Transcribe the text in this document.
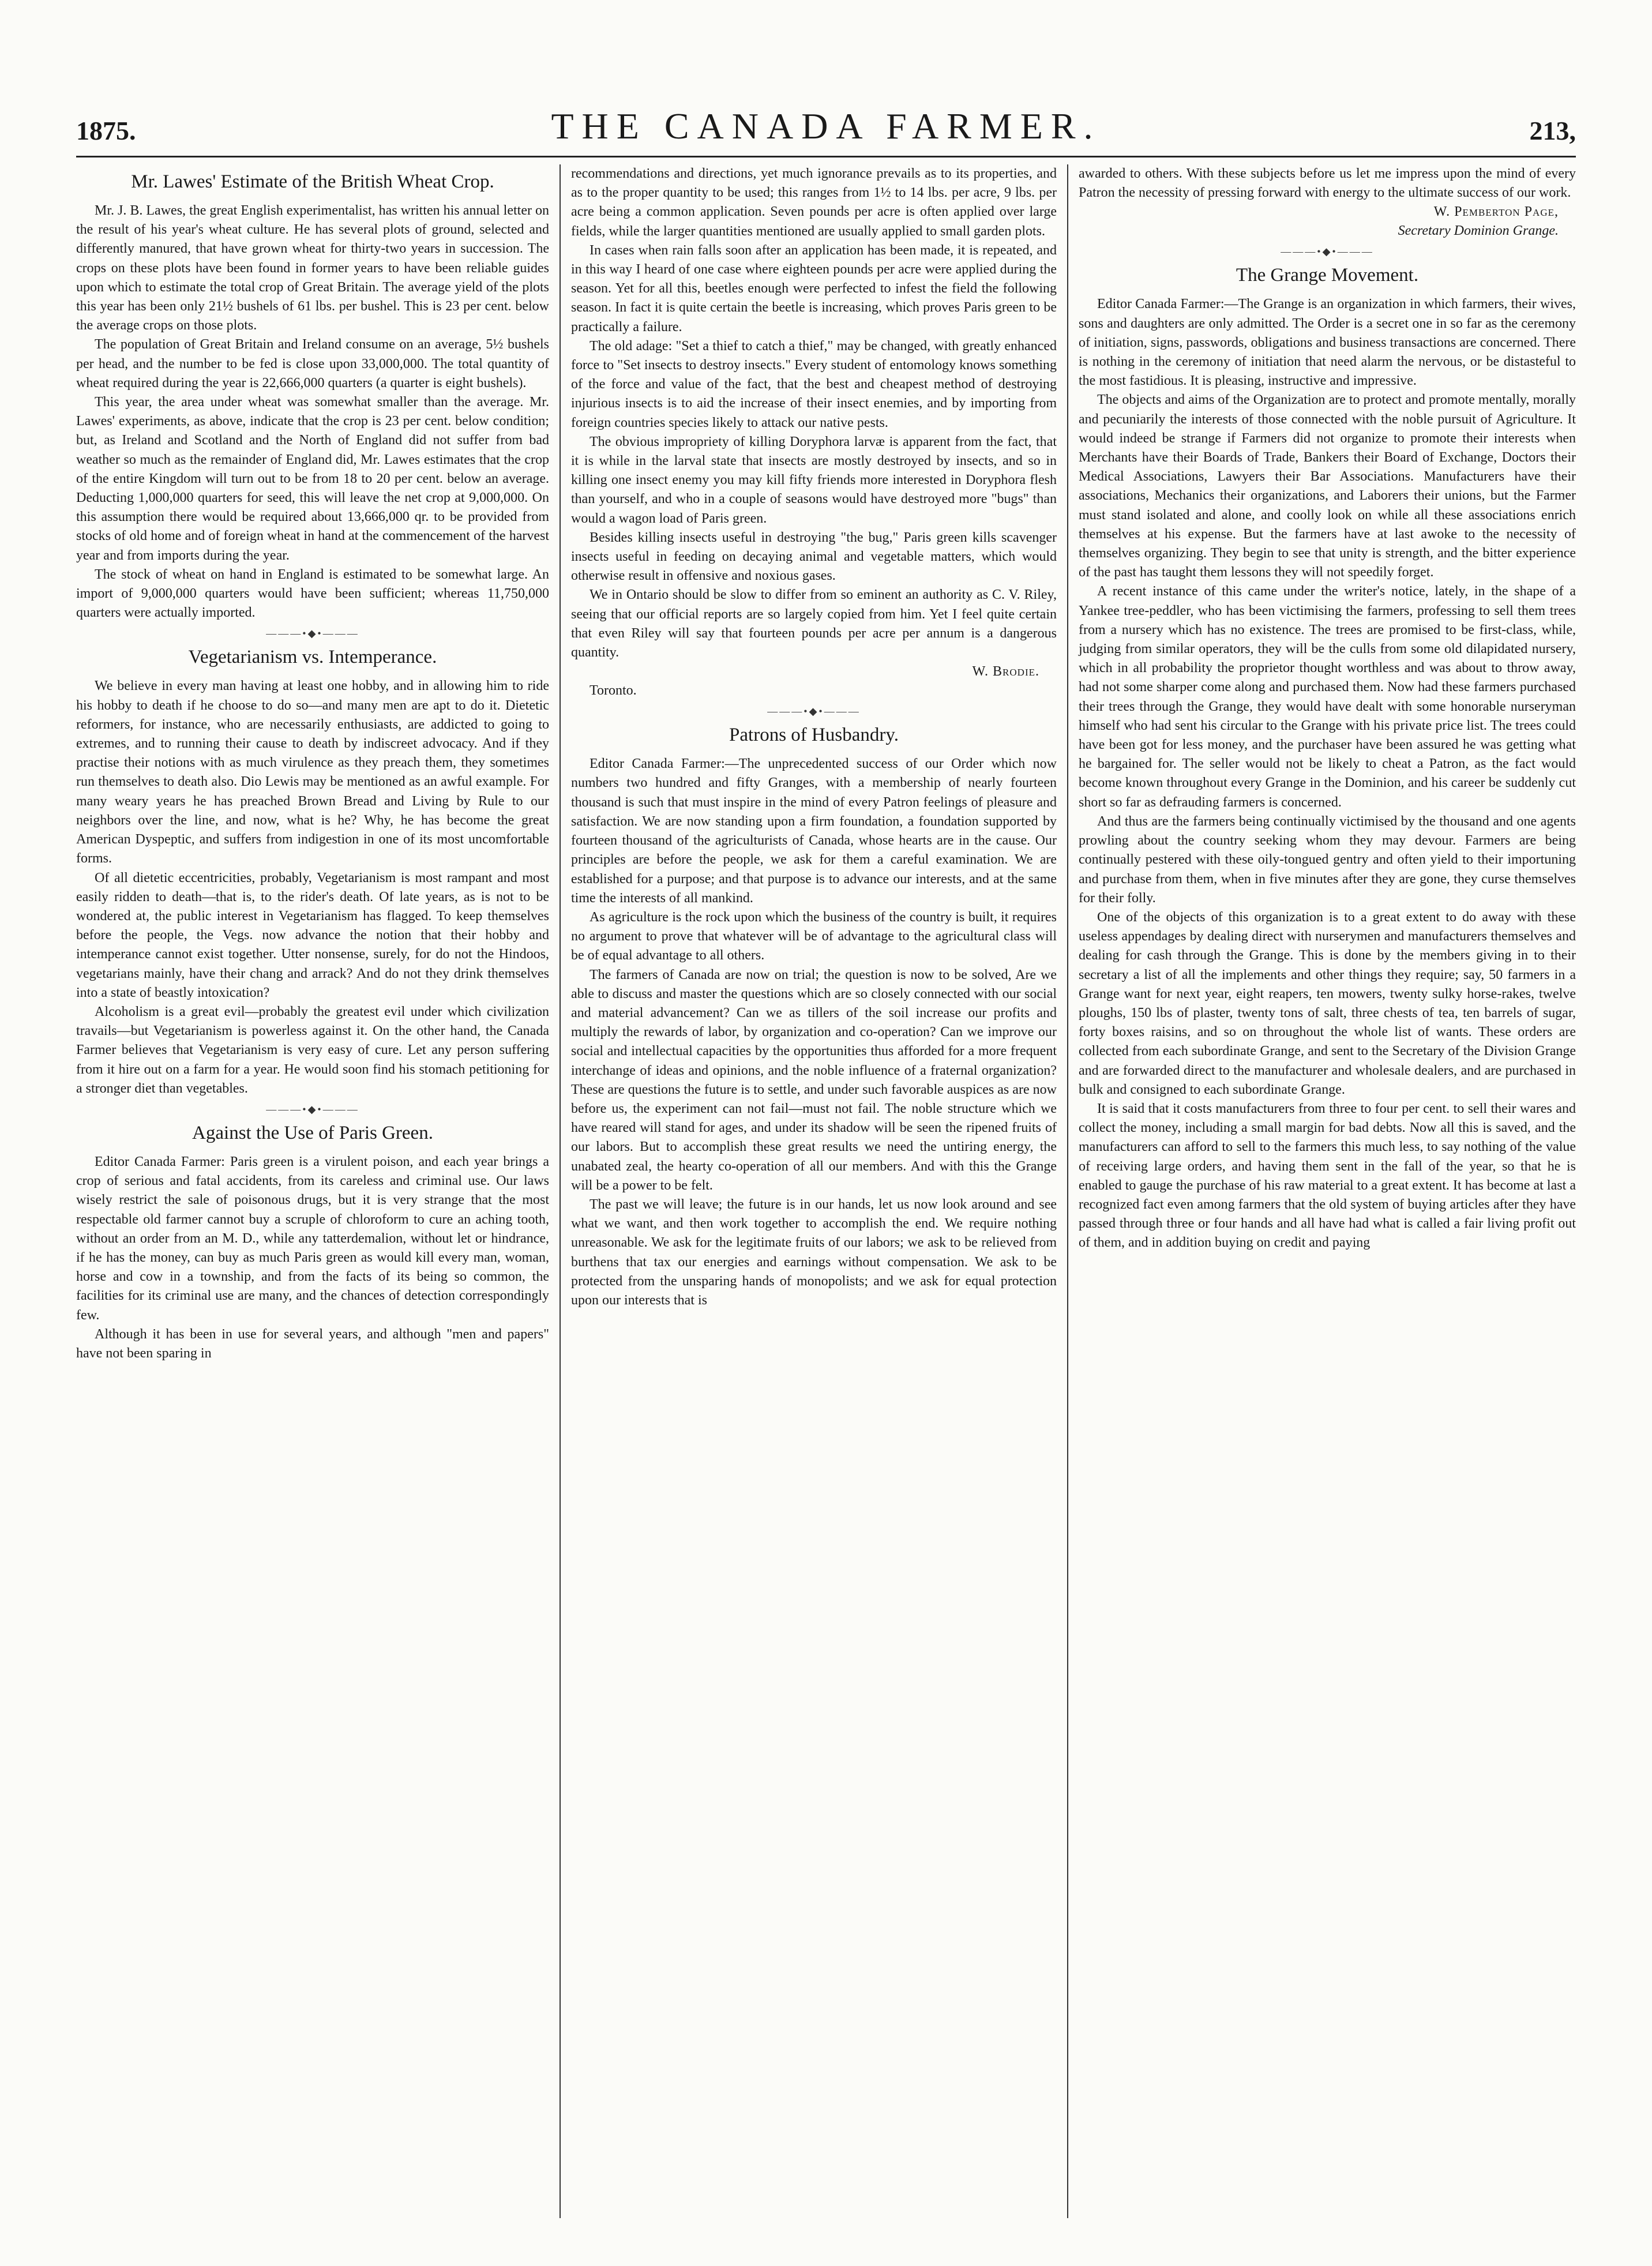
1875.	THE CANADA FARMER.	213,
Mr. Lawes' Estimate of the British Wheat Crop.

Mr. J. B. Lawes, the great English experimentalist, has written his annual letter on the result of his year's wheat culture. He has several plots of ground, selected and differently manured, that have grown wheat for thirty-two years in succession. The crops on these plots have been found in former years to have been reliable guides upon which to estimate the total crop of Great Britain. The average yield of the plots this year has been only 21½ bushels of 61 lbs. per bushel. This is 23 per cent. below the average crops on those plots.

The population of Great Britain and Ireland consume on an average, 5½ bushels per head, and the number to be fed is close upon 33,000,000. The total quantity of wheat required during the year is 22,666,000 quarters (a quarter is eight bushels).

This year, the area under wheat was somewhat smaller than the average. Mr. Lawes' experiments, as above, indicate that the crop is 23 per cent. below condition; but, as Ireland and Scotland and the North of England did not suffer from bad weather so much as the remainder of England did, Mr. Lawes estimates that the crop of the entire Kingdom will turn out to be from 18 to 20 per cent. below an average. Deducting 1,000,000 quarters for seed, this will leave the net crop at 9,000,000. On this assumption there would be required about 13,666,000 qr. to be provided from stocks of old home and of foreign wheat in hand at the commencement of the harvest year and from imports during the year.

The stock of wheat on hand in England is estimated to be somewhat large. An import of 9,000,000 quarters would have been sufficient; whereas 11,750,000 quarters were actually imported.

———•◆•———
Vegetarianism vs. Intemperance.

We believe in every man having at least one hobby, and in allowing him to ride his hobby to death if he choose to do so—and many men are apt to do it. Dietetic reformers, for instance, who are necessarily enthusiasts, are addicted to going to extremes, and to running their cause to death by indiscreet advocacy. And if they practise their notions with as much virulence as they preach them, they sometimes run themselves to death also. Dio Lewis may be mentioned as an awful example. For many weary years he has preached Brown Bread and Living by Rule to our neighbors over the line, and now, what is he? Why, he has become the great American Dyspeptic, and suffers from indigestion in one of its most uncomfortable forms.

Of all dietetic eccentricities, probably, Vegetarianism is most rampant and most easily ridden to death—that is, to the rider's death. Of late years, as is not to be wondered at, the public interest in Vegetarianism has flagged. To keep themselves before the people, the Vegs. now advance the notion that their hobby and intemperance cannot exist together. Utter nonsense, surely, for do not the Hindoos, vegetarians mainly, have their chang and arrack? And do not they drink themselves into a state of beastly intoxication?

Alcoholism is a great evil—probably the greatest evil under which civilization travails—but Vegetarianism is powerless against it. On the other hand, the Canada Farmer believes that Vegetarianism is very easy of cure. Let any person suffering from it hire out on a farm for a year. He would soon find his stomach petitioning for a stronger diet than vegetables.

———•◆•———
Against the Use of Paris Green.

Editor Canada Farmer: Paris green is a virulent poison, and each year brings a crop of serious and fatal accidents, from its careless and criminal use. Our laws wisely restrict the sale of poisonous drugs, but it is very strange that the most respectable old farmer cannot buy a scruple of chloroform to cure an aching tooth, without an order from an M. D., while any tatterdemalion, without let or hindrance, if he has the money, can buy as much Paris green as would kill every man, woman, horse and cow in a township, and from the facts of its being so common, the facilities for its criminal use are many, and the chances of detection correspondingly few.

Although it has been in use for several years, and although "men and papers" have not been sparing in

recommendations and directions, yet much ignorance prevails as to its properties, and as to the proper quantity to be used; this ranges from 1½ to 14 lbs. per acre, 9 lbs. per acre being a common application. Seven pounds per acre is often applied over large fields, while the larger quantities mentioned are usually applied to small garden plots.

In cases when rain falls soon after an application has been made, it is repeated, and in this way I heard of one case where eighteen pounds per acre were applied during the season. Yet for all this, beetles enough were perfected to infest the field the following season. In fact it is quite certain the beetle is increasing, which proves Paris green to be practically a failure.

The old adage: "Set a thief to catch a thief," may be changed, with greatly enhanced force to "Set insects to destroy insects." Every student of entomology knows something of the force and value of the fact, that the best and cheapest method of destroying injurious insects is to aid the increase of their insect enemies, and by importing from foreign countries species likely to attack our native pests.

The obvious impropriety of killing Doryphora larvæ is apparent from the fact, that it is while in the larval state that insects are mostly destroyed by insects, and so in killing one insect enemy you may kill fifty friends more interested in Doryphora flesh than yourself, and who in a couple of seasons would have destroyed more "bugs" than would a wagon load of Paris green.

Besides killing insects useful in destroying "the bug," Paris green kills scavenger insects useful in feeding on decaying animal and vegetable matters, which would otherwise result in offensive and noxious gases.

We in Ontario should be slow to differ from so eminent an authority as C. V. Riley, seeing that our official reports are so largely copied from him. Yet I feel quite certain that even Riley will say that fourteen pounds per acre per annum is a dangerous quantity.

W. Brodie.
Toronto.
———•◆•———
Patrons of Husbandry.

Editor Canada Farmer:—The unprecedented success of our Order which now numbers two hundred and fifty Granges, with a membership of nearly fourteen thousand is such that must inspire in the mind of every Patron feelings of pleasure and satisfaction. We are now standing upon a firm foundation, a foundation supported by fourteen thousand of the agriculturists of Canada, whose hearts are in the cause. Our principles are before the people, we ask for them a careful examination. We are established for a purpose; and that purpose is to advance our interests, and at the same time the interests of all mankind.

As agriculture is the rock upon which the business of the country is built, it requires no argument to prove that whatever will be of advantage to the agricultural class will be of equal advantage to all others.

The farmers of Canada are now on trial; the question is now to be solved, Are we able to discuss and master the questions which are so closely connected with our social and material advancement? Can we as tillers of the soil increase our profits and multiply the rewards of labor, by organization and co-operation? Can we improve our social and intellectual capacities by the opportunities thus afforded for a more frequent interchange of ideas and opinions, and the noble influence of a fraternal organization? These are questions the future is to settle, and under such favorable auspices as are now before us, the experiment can not fail—must not fail. The noble structure which we have reared will stand for ages, and under its shadow will be seen the ripened fruits of our labors. But to accomplish these great results we need the untiring energy, the unabated zeal, the hearty co-operation of all our members. And with this the Grange will be a power to be felt.

The past we will leave; the future is in our hands, let us now look around and see what we want, and then work together to accomplish the end. We require nothing unreasonable. We ask for the legitimate fruits of our labors; we ask to be relieved from burthens that tax our energies and earnings without compensation. We ask to be protected from the unsparing hands of monopolists; and we ask for equal protection upon our interests that is

awarded to others. With these subjects before us let me impress upon the mind of every Patron the necessity of pressing forward with energy to the ultimate success of our work.

W. Pemberton Page,
Secretary Dominion Grange.
———•◆•———
The Grange Movement.

Editor Canada Farmer:—The Grange is an organization in which farmers, their wives, sons and daughters are only admitted. The Order is a secret one in so far as the ceremony of initiation, signs, passwords, obligations and business transactions are concerned. There is nothing in the ceremony of initiation that need alarm the nervous, or be distasteful to the most fastidious. It is pleasing, instructive and impressive.

The objects and aims of the Organization are to protect and promote mentally, morally and pecuniarily the interests of those connected with the noble pursuit of Agriculture. It would indeed be strange if Farmers did not organize to promote their interests when Merchants have their Boards of Trade, Bankers their Board of Exchange, Doctors their Medical Associations, Lawyers their Bar Associations. Manufacturers have their associations, Mechanics their organizations, and Laborers their unions, but the Farmer must stand isolated and alone, and coolly look on while all these associations enrich themselves at his expense. But the farmers have at last awoke to the necessity of themselves organizing. They begin to see that unity is strength, and the bitter experience of the past has taught them lessons they will not speedily forget.

A recent instance of this came under the writer's notice, lately, in the shape of a Yankee tree-peddler, who has been victimising the farmers, professing to sell them trees from a nursery which has no existence. The trees are promised to be first-class, while, judging from similar operators, they will be the culls from some old dilapidated nursery, which in all probability the proprietor thought worthless and was about to throw away, had not some sharper come along and purchased them. Now had these farmers purchased their trees through the Grange, they would have dealt with some honorable nurseryman himself who had sent his circular to the Grange with his private price list. The trees could have been got for less money, and the purchaser have been assured he was getting what he bargained for. The seller would not be likely to cheat a Patron, as the fact would become known throughout every Grange in the Dominion, and his career be suddenly cut short so far as defrauding farmers is concerned.

And thus are the farmers being continually victimised by the thousand and one agents prowling about the country seeking whom they may devour. Farmers are being continually pestered with these oily-tongued gentry and often yield to their importuning and purchase from them, when in five minutes after they are gone, they curse themselves for their folly.

One of the objects of this organization is to a great extent to do away with these useless appendages by dealing direct with nurserymen and manufacturers themselves and dealing for cash through the Grange. This is done by the members giving in to their secretary a list of all the implements and other things they require; say, 50 farmers in a Grange want for next year, eight reapers, ten mowers, twenty sulky horse-rakes, twelve ploughs, 150 lbs of plaster, twenty tons of salt, three chests of tea, ten barrels of sugar, forty boxes raisins, and so on throughout the whole list of wants. These orders are collected from each subordinate Grange, and sent to the Secretary of the Division Grange and are forwarded direct to the manufacturer and wholesale dealers, and are purchased in bulk and consigned to each subordinate Grange.

It is said that it costs manufacturers from three to four per cent. to sell their wares and collect the money, including a small margin for bad debts. Now all this is saved, and the manufacturers can afford to sell to the farmers this much less, to say nothing of the value of receiving large orders, and having them sent in the fall of the year, so that he is enabled to gauge the purchase of his raw material to a great extent. It has become at last a recognized fact even among farmers that the old system of buying articles after they have passed through three or four hands and all have had what is called a fair living profit out of them, and in addition buying on credit and paying
